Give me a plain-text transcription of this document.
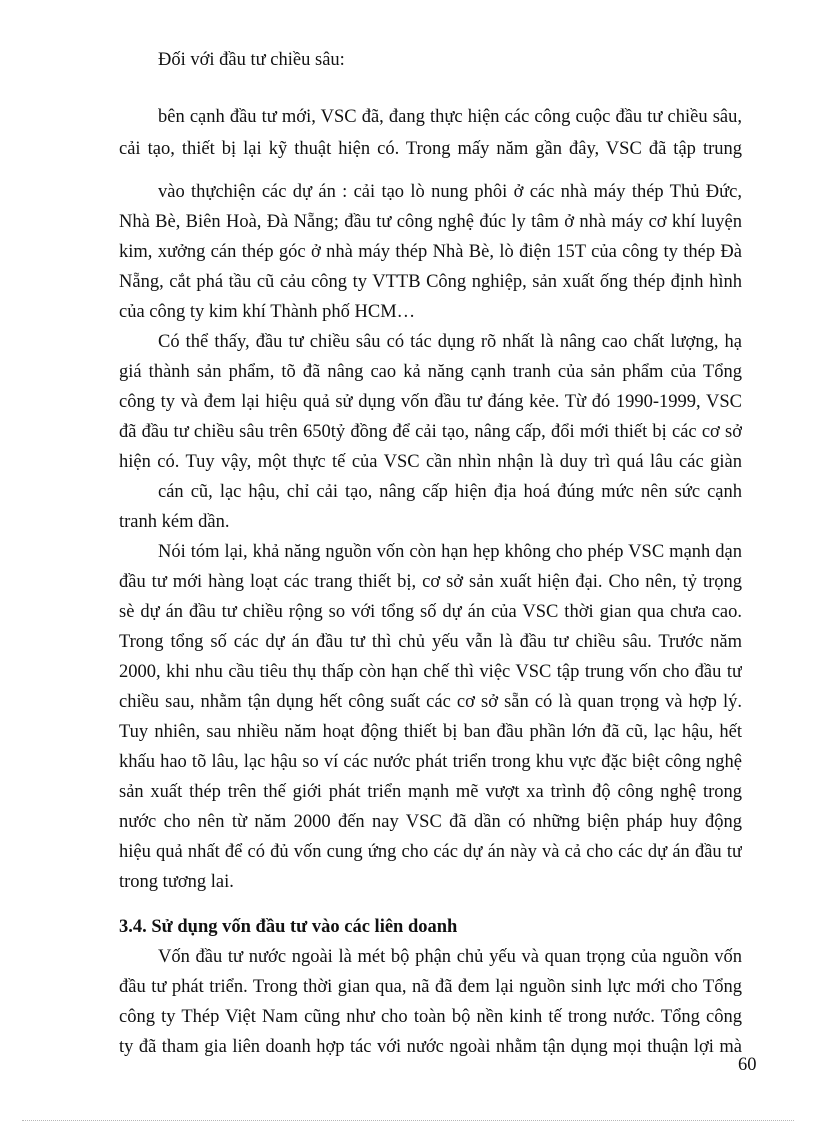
Đối với đầu tư chiều sâu:

bên cạnh đầu tư mới, VSC đã, đang thực hiện các công cuộc đầu tư chiều sâu,

cải tạo, thiết bị lại kỹ thuật hiện có. Trong mấy năm gần đây, VSC đã tập trung

vào thựchiện các dự án : cải tạo lò nung phôi ở các nhà máy thép Thủ Đức,

Nhà Bè, Biên Hoà, Đà Nẵng; đầu tư công nghệ đúc ly tâm ở nhà máy cơ khí luyện

kim, xưởng cán thép góc ở nhà máy thép Nhà Bè, lò điện 15T của công ty thép Đà

Nẵng, cắt phá tầu cũ cảu công ty VTTB Công nghiệp, sản xuất ống thép định hình

của công ty kim khí Thành phố HCM…

Có thể thấy, đầu tư chiều sâu có tác dụng rõ nhất là nâng cao chất lượng, hạ

giá thành sản phẩm, tõ đã nâng cao kả năng cạnh tranh của sản phẩm của Tổng

công ty và đem lại hiệu quả sử dụng vốn đầu tư đáng kẻe. Từ đó 1990-1999, VSC

đã đầu tư chiều sâu trên 650tỷ đồng để cải tạo, nâng cấp, đổi mới thiết bị các cơ sở

hiện có. Tuy vậy, một thực tế của VSC cần nhìn nhận là duy trì quá lâu các giàn

cán cũ, lạc hậu, chỉ cải tạo, nâng cấp hiện địa hoá đúng mức nên sức cạnh

tranh kém dần.

Nói tóm lại, khả năng nguồn vốn còn hạn hẹp không cho phép VSC mạnh dạn

đầu tư mới hàng loạt các trang thiết bị, cơ sở sản xuất hiện đại. Cho nên, tỷ trọng

sè dự án đầu tư chiều rộng so với tổng số dự án của VSC thời gian qua chưa cao.

Trong tổng số các dự án đầu tư thì chủ yếu vẫn là đầu tư chiều sâu. Trước năm

2000, khi nhu cầu tiêu thụ thấp còn hạn chế thì việc VSC tập trung vốn cho đầu tư

chiều sau, nhằm tận dụng hết công suất các cơ sở sẵn có là quan trọng và hợp lý.

Tuy nhiên, sau nhiều năm hoạt động thiết bị ban đầu phần lớn đã cũ, lạc hậu, hết

khấu hao tõ lâu, lạc hậu so ví các nước phát triển trong khu vực đặc biệt công nghệ

sản xuất thép trên thế giới phát triển mạnh mẽ vượt xa trình độ công nghệ trong

nước cho nên từ năm 2000 đến nay VSC đã dần có những biện pháp huy động

hiệu quả nhất để có đủ vốn cung ứng cho các dự án này và cả cho các dự án đầu tư

trong tương lai.

3.4. Sử dụng vốn đầu tư vào các liên doanh

Vốn đầu tư nước ngoài là mét bộ phận chủ yếu và quan trọng của nguồn vốn

đầu tư phát triển. Trong thời gian qua, nã đã đem lại nguồn sinh lực mới cho Tổng

công ty Thép Việt Nam cũng như cho toàn bộ nền kinh tế trong nước. Tổng công

ty đã tham gia liên doanh hợp tác với nước ngoài nhằm tận dụng mọi thuận lợi mà

60
